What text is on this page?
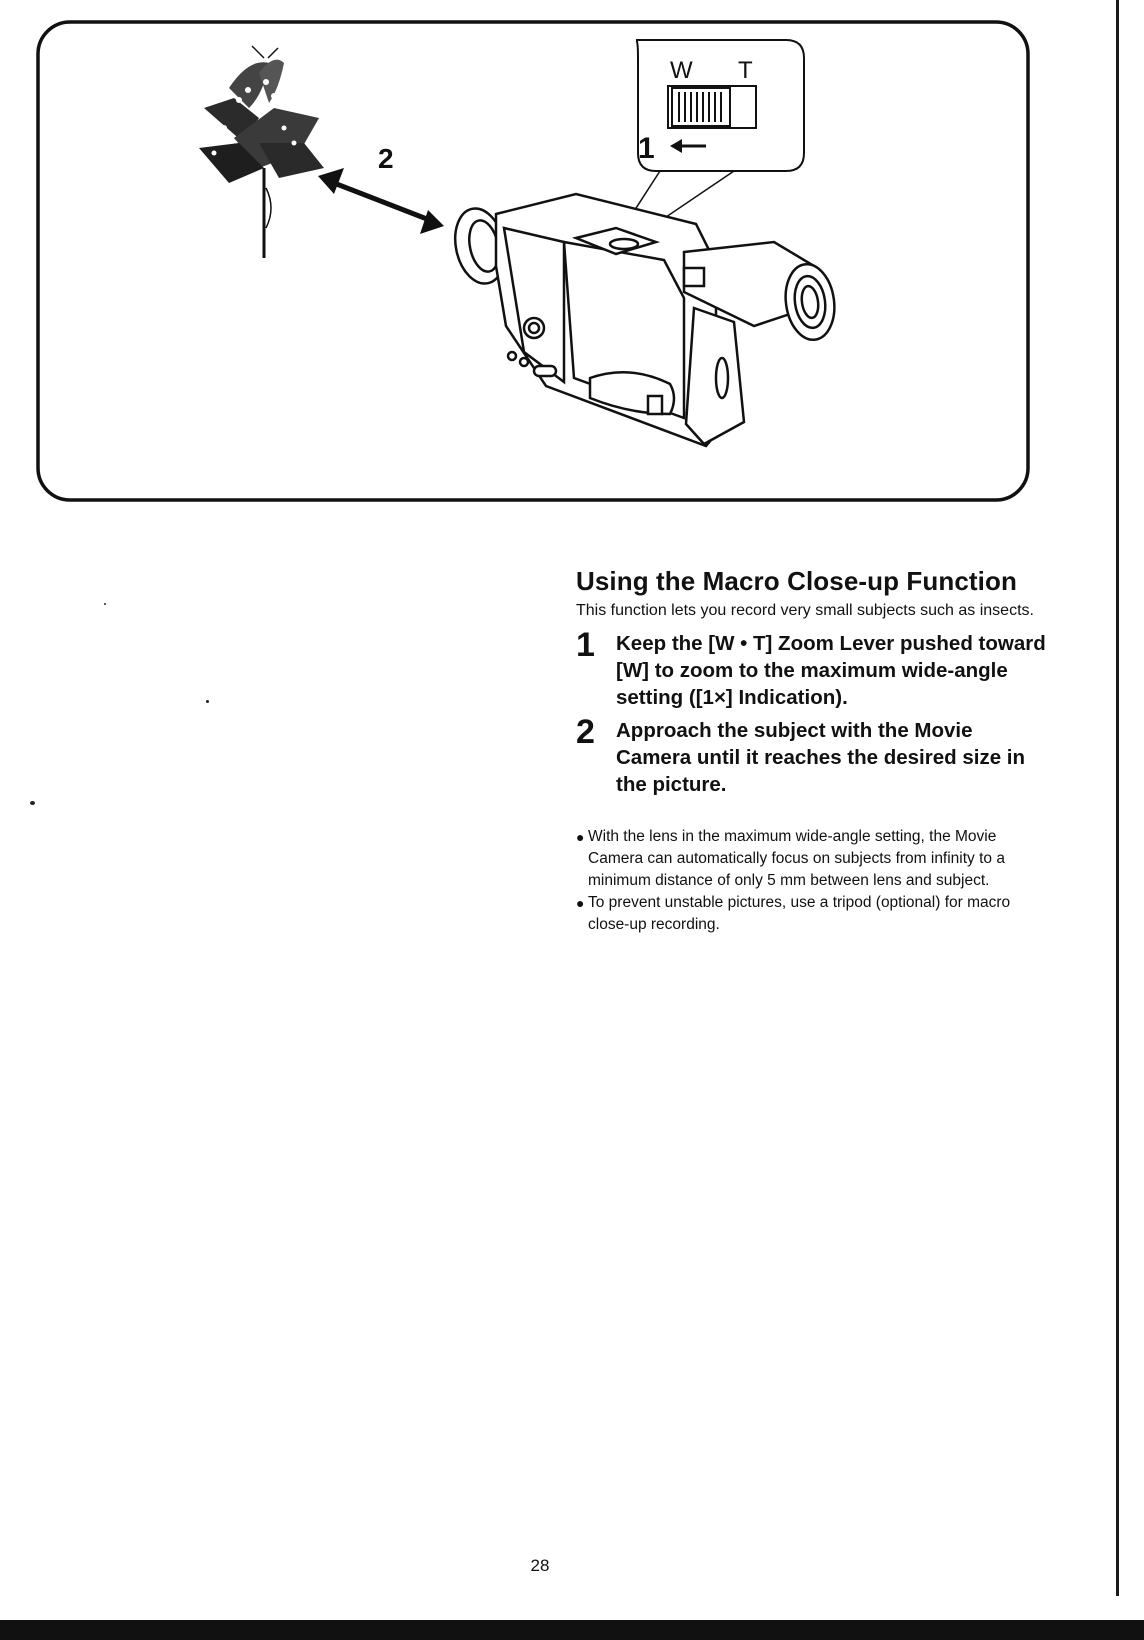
2
W T
1
Using the Macro Close-up Function

This function lets you record very small subjects such as insects.

1	Keep the [W • T] Zoom Lever pushed toward [W] to zoom to the maximum wide-angle setting ([1×] Indication).
2	Approach the subject with the Movie Camera until it reaches the desired size in the picture.
● With the lens in the maximum wide-angle setting, the Movie Camera can automatically focus on subjects from infinity to a minimum distance of only 5 mm between lens and subject.
● To prevent unstable pictures, use a tripod (optional) for macro close-up recording.
28
